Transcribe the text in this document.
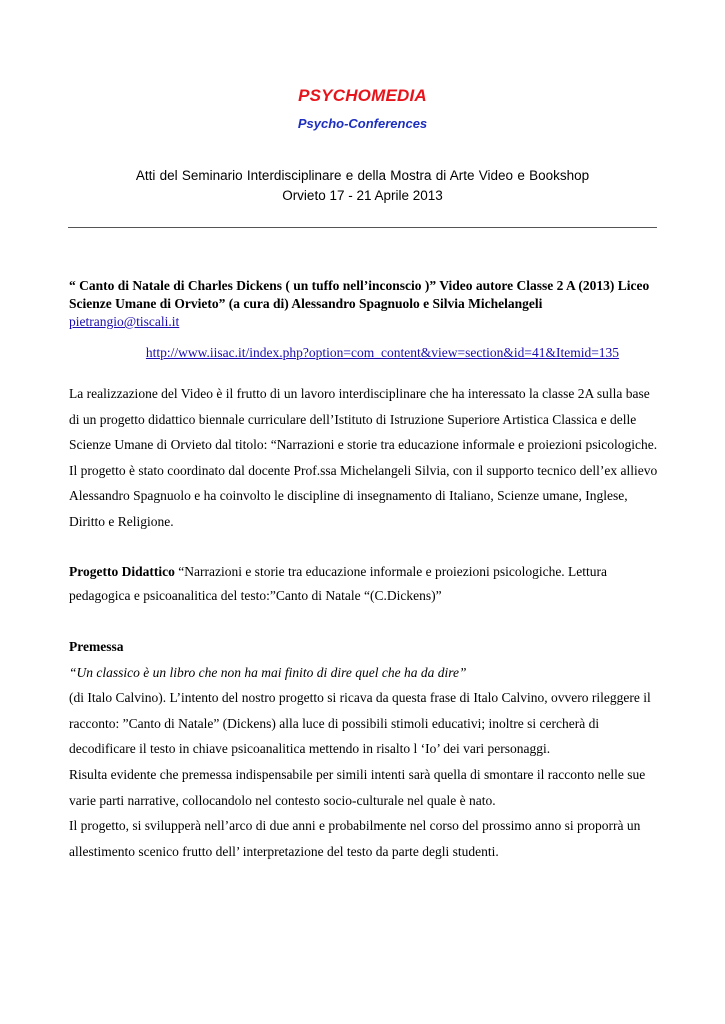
PSYCHOMEDIA
Psycho-Conferences
Atti del Seminario Interdisciplinare e della Mostra di Arte Video e Bookshop
Orvieto 17 - 21 Aprile 2013
“ Canto di Natale di Charles Dickens ( un tuffo nell’inconscio )” Video autore Classe 2 A (2013) Liceo Scienze Umane di Orvieto” (a cura di) Alessandro Spagnuolo e Silvia Michelangeli pietrangio@tiscali.it
http://www.iisac.it/index.php?option=com_content&view=section&id=41&Itemid=135

La realizzazione del Video è il frutto di un lavoro interdisciplinare che ha interessato la classe 2A sulla base di un progetto didattico biennale curriculare dell’Istituto di Istruzione Superiore Artistica Classica e delle Scienze Umane di Orvieto dal titolo: “Narrazioni e storie tra educazione informale e proiezioni psicologiche. Il progetto è stato coordinato dal docente Prof.ssa Michelangeli Silvia, con il supporto tecnico dell’ex allievo Alessandro Spagnuolo e ha coinvolto le discipline di insegnamento di Italiano, Scienze umane, Inglese, Diritto e Religione.

Progetto Didattico “Narrazioni e storie tra educazione informale e proiezioni psicologiche. Lettura pedagogica e psicoanalitica del testo:”Canto di Natale “(C.Dickens)”

Premessa

“Un classico è un libro che non ha mai finito di dire quel che ha da dire”

(di Italo Calvino). L’intento del nostro progetto si ricava da questa frase di Italo Calvino, ovvero rileggere il racconto: ”Canto di Natale” (Dickens) alla luce di possibili stimoli educativi; inoltre si cercherà di decodificare il testo in chiave psicoanalitica mettendo in risalto l ‘Io’ dei vari personaggi.

Risulta evidente che premessa indispensabile per simili intenti sarà quella di smontare il racconto nelle sue varie parti narrative, collocandolo nel contesto socio-culturale nel quale è nato.

Il progetto, si svilupperà nell’arco di due anni e probabilmente nel corso del prossimo anno si proporrà un allestimento scenico frutto dell’ interpretazione del testo da parte degli studenti.
